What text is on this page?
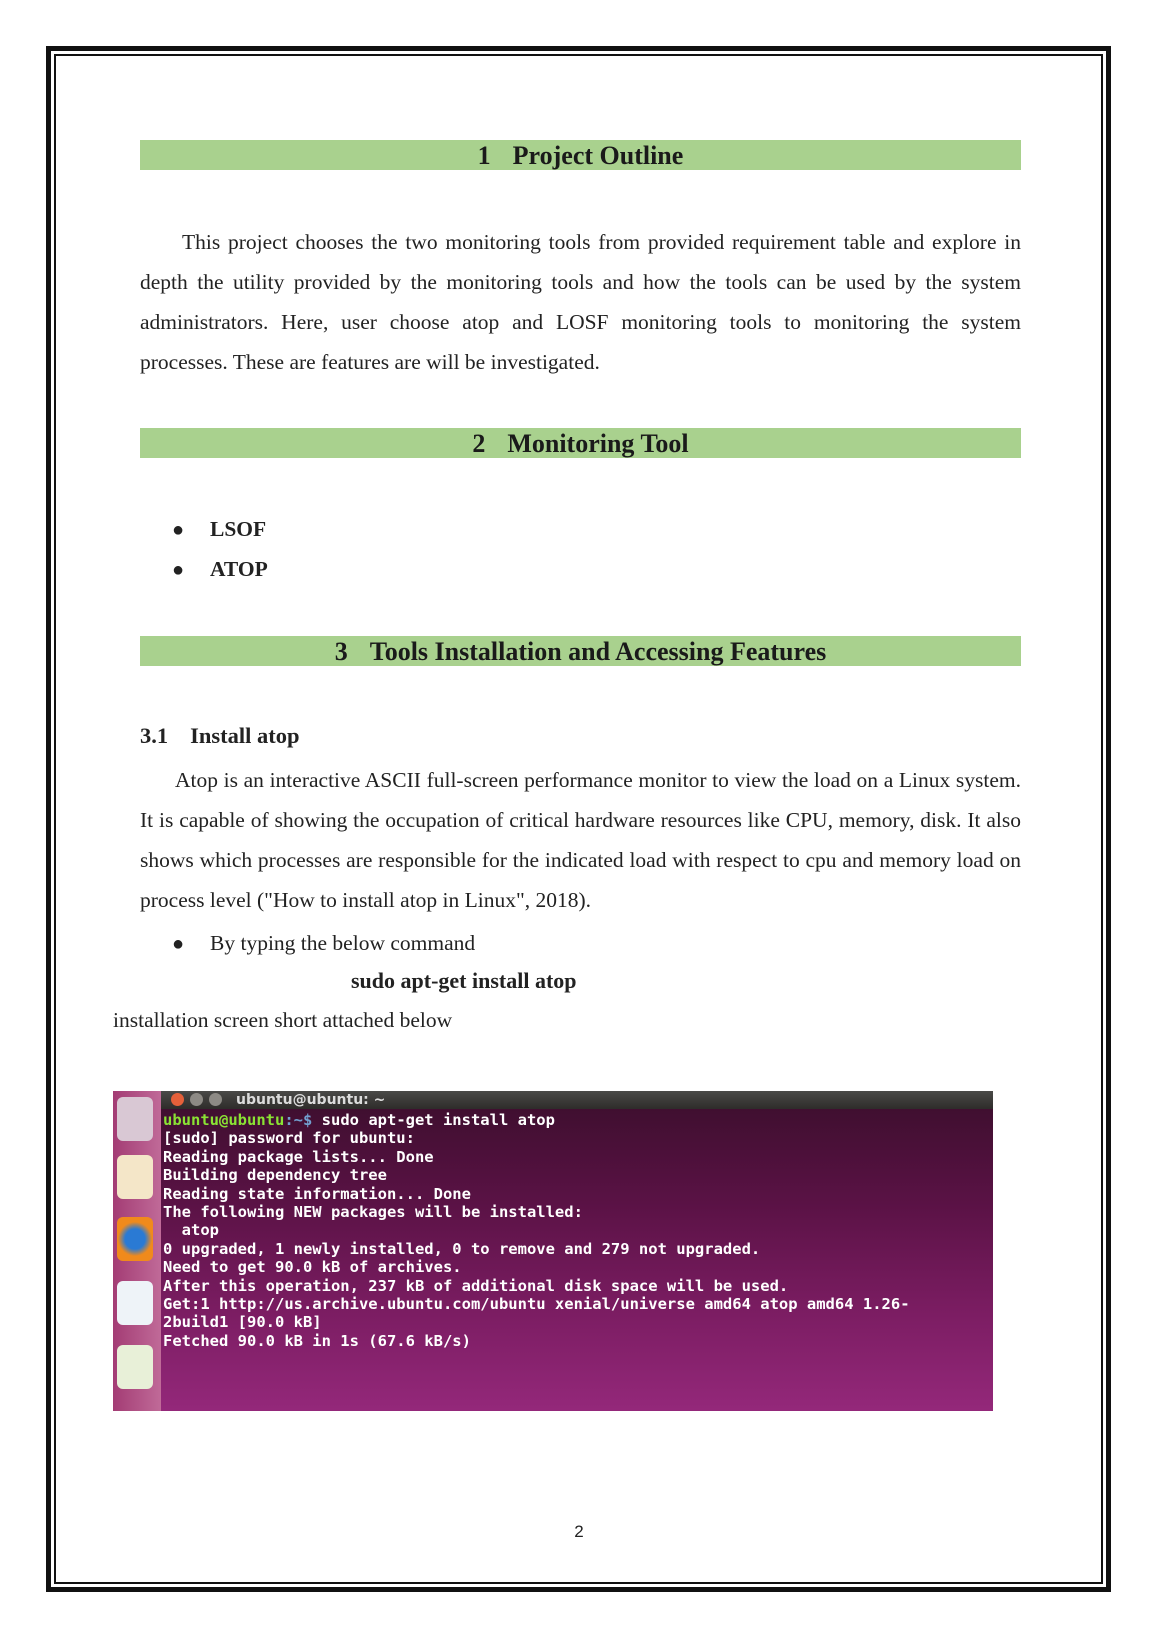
1 Project Outline
This project chooses the two monitoring tools from provided requirement table and explore in depth the utility provided by the monitoring tools and how the tools can be used by the system administrators. Here, user choose atop and LOSF monitoring tools to monitoring the system processes. These are features are will be investigated.
2 Monitoring Tool
● LSOF
● ATOP
3 Tools Installation and Accessing Features
3.1 Install atop
Atop is an interactive ASCII full-screen performance monitor to view the load on a Linux system. It is capable of showing the occupation of critical hardware resources like CPU, memory, disk. It also shows which processes are responsible for the indicated load with respect to cpu and memory load on process level ("How to install atop in Linux", 2018).
● By typing the below command
sudo apt-get install atop
installation screen short attached below
ubuntu@ubuntu: ~
ubuntu@ubuntu:~$ sudo apt-get install atop
[sudo] password for ubuntu:
Reading package lists... Done
Building dependency tree
Reading state information... Done
The following NEW packages will be installed:
atop
0 upgraded, 1 newly installed, 0 to remove and 279 not upgraded.
Need to get 90.0 kB of archives.
After this operation, 237 kB of additional disk space will be used.
Get:1 http://us.archive.ubuntu.com/ubuntu xenial/universe amd64 atop amd64 1.26-
2build1 [90.0 kB]
Fetched 90.0 kB in 1s (67.6 kB/s)
2
